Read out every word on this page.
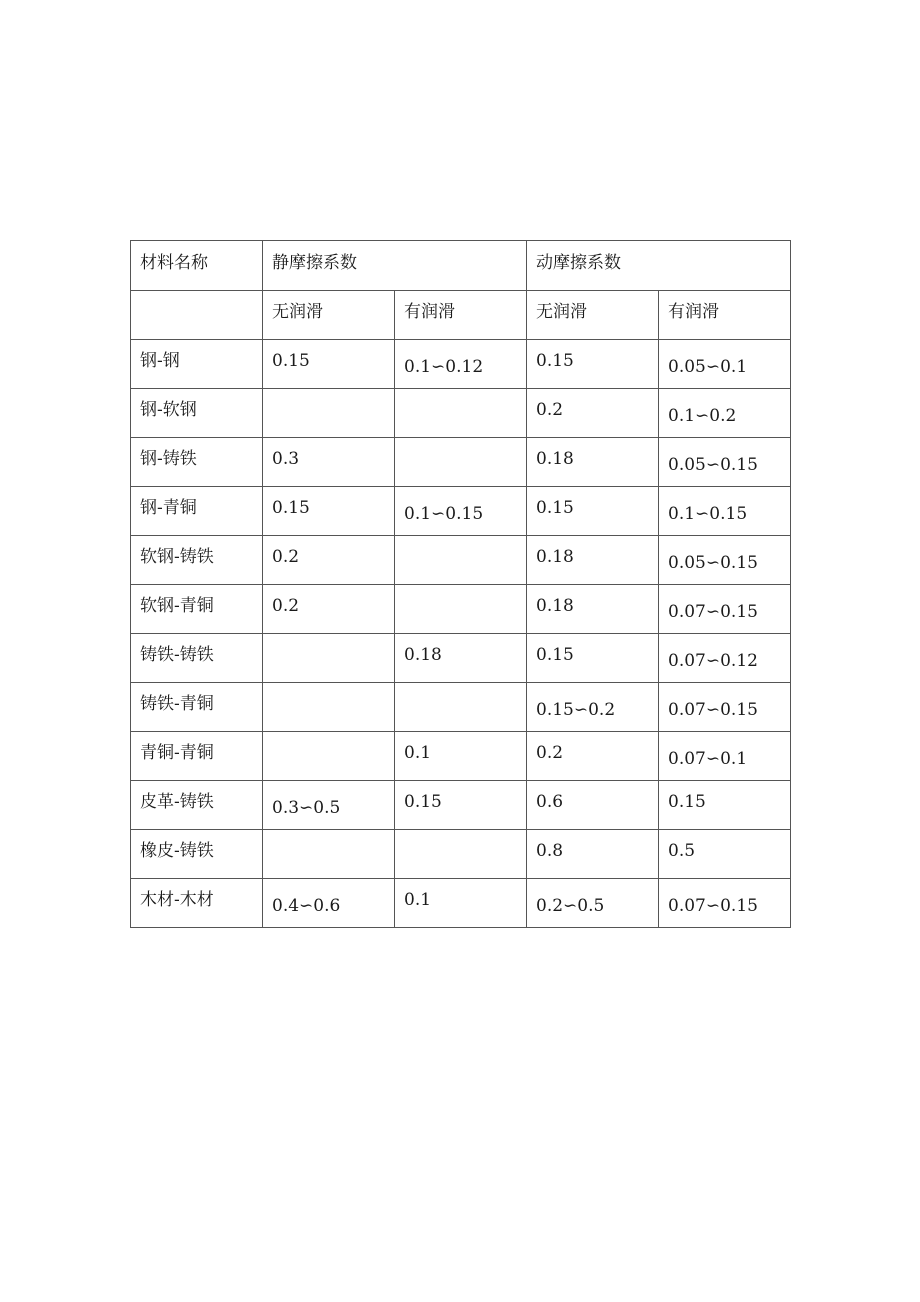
材料名称	静摩擦系数		动摩擦系数	
	无润滑	有润滑	无润滑	有润滑
钢-钢	0.15	0.1∽0.12	0.15	0.05∽0.1
钢-软钢			0.2	0.1∽0.2
钢-铸铁	0.3		0.18	0.05∽0.15
钢-青铜	0.15	0.1∽0.15	0.15	0.1∽0.15
软钢-铸铁	0.2		0.18	0.05∽0.15
软钢-青铜	0.2		0.18	0.07∽0.15
铸铁-铸铁		0.18	0.15	0.07∽0.12
铸铁-青铜			0.15∽0.2	0.07∽0.15
青铜-青铜		0.1	0.2	0.07∽0.1
皮革-铸铁	0.3∽0.5	0.15	0.6	0.15
橡皮-铸铁			0.8	0.5
木材-木材	0.4∽0.6	0.1	0.2∽0.5	0.07∽0.15
